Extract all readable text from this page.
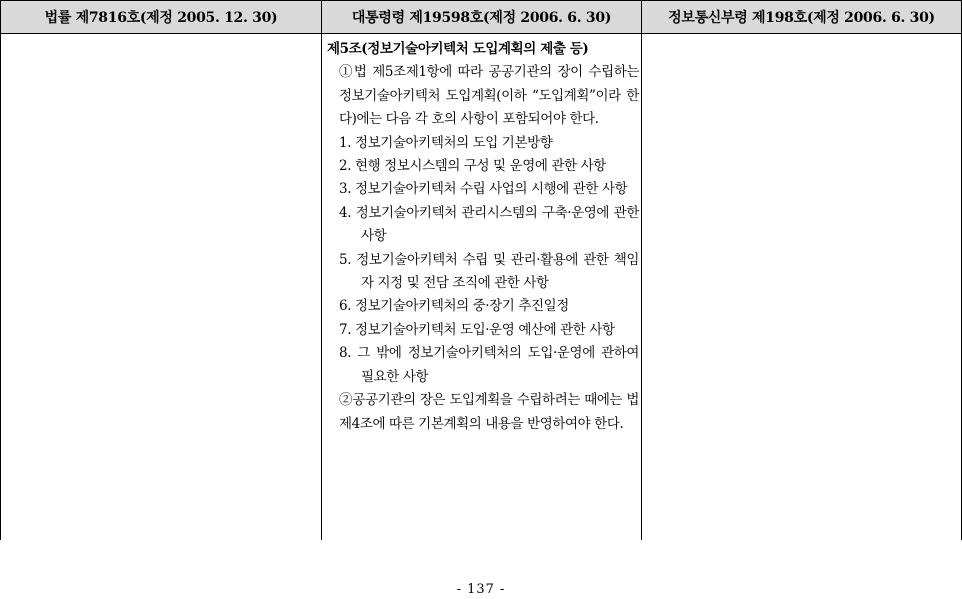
법률 제7816호(제정 2005. 12. 30)	대통령령 제19598호(제정 2006. 6. 30)	정보통신부령 제198호(제정 2006. 6. 30)
제5조(정보기술아키텍처 도입계획의 제출 등)
①법 제5조제1항에 따라 공공기관의 장이 수립하는 정보기술아키텍처 도입계획(이하 “도입계획”이라 한다)에는 다음 각 호의 사항이 포함되어야 한다.
1. 정보기술아키텍처의 도입 기본방향
2. 현행 정보시스템의 구성 및 운영에 관한 사항
3. 정보기술아키텍처 수립 사업의 시행에 관한 사항
4. 정보기술아키텍처 관리시스템의 구축·운영에 관한 사항
5. 정보기술아키텍처 수립 및 관리·활용에 관한 책임자 지정 및 전담 조직에 관한 사항
6. 정보기술아키텍처의 중·장기 추진일정
7. 정보기술아키텍처 도입·운영 예산에 관한 사항
8. 그 밖에 정보기술아키텍처의 도입·운영에 관하여 필요한 사항
②공공기관의 장은 도입계획을 수립하려는 때에는 법 제4조에 따른 기본계획의 내용을 반영하여야 한다.
- 137 -
